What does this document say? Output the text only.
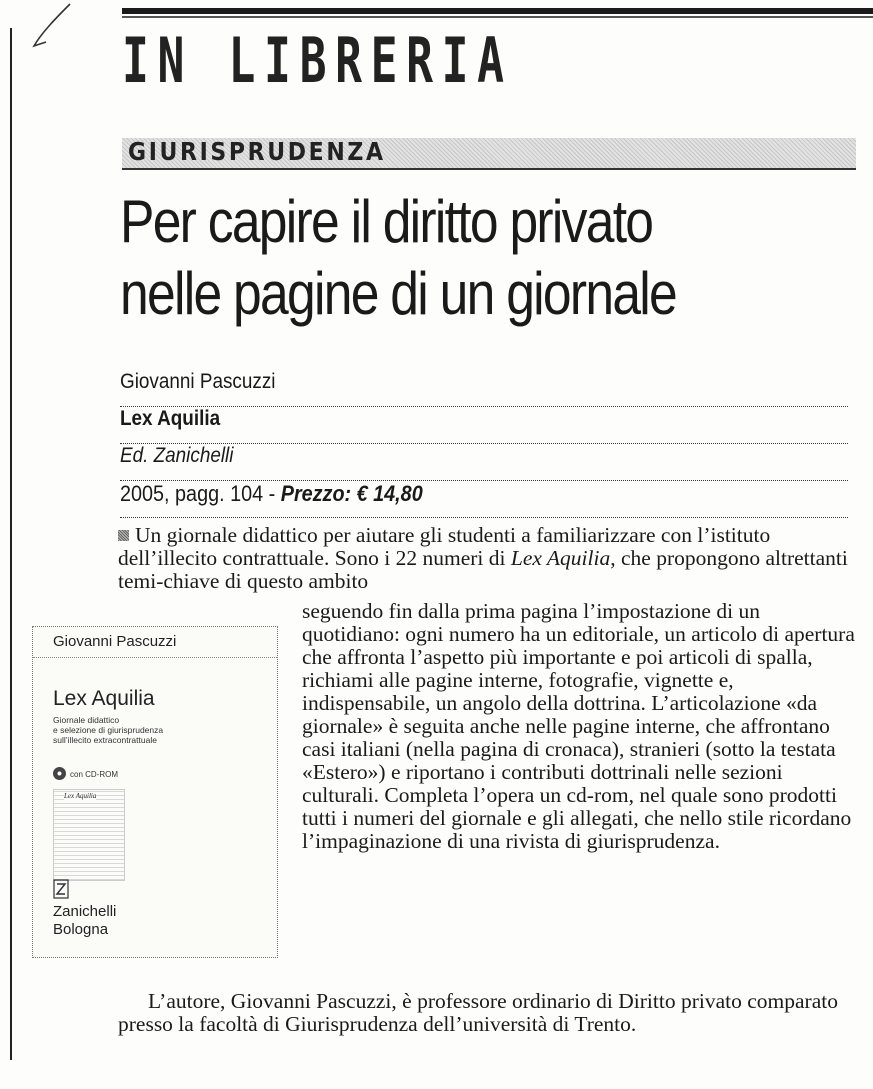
IN LIBRERIA
GIURISPRUDENZA
Per capire il diritto privato
nelle pagine di un giornale
Giovanni Pascuzzi
Lex Aquilia
Ed. Zanichelli
2005, pagg. 104 - Prezzo: € 14,80
Un giornale didattico per aiutare gli studenti a familiarizzare con l’istituto dell’illecito contrattuale. Sono i 22 numeri di Lex Aquilia, che propongono altrettanti temi-chiave di questo ambito
Giovanni Pascuzzi
Lex Aquilia
Giornale didattico
e selezione di giurisprudenza
sull’illecito extracontrattuale
con CD-ROM
Lex Aquilia
Zanichelli
Bologna
seguendo fin dalla prima pagina l’impostazione di un quotidiano: ogni numero ha un editoriale, un articolo di apertura che affronta l’aspetto più importante e poi articoli di spalla, richiami alle pagine interne, fotografie, vignette e, indispensabile, un angolo della dottrina. L’articolazione «da giornale» è seguita anche nelle pagine interne, che affrontano casi italiani (nella pagina di cronaca), stranieri (sotto la testata «Estero») e riportano i contributi dottrinali nelle sezioni culturali. Completa l’opera un cd-rom, nel quale sono prodotti tutti i numeri del giornale e gli allegati, che nello stile ricordano l’impaginazione di una rivista di giurisprudenza.
L’autore, Giovanni Pascuzzi, è professore ordinario di Diritto privato comparato presso la facoltà di Giurisprudenza dell’università di Trento.
